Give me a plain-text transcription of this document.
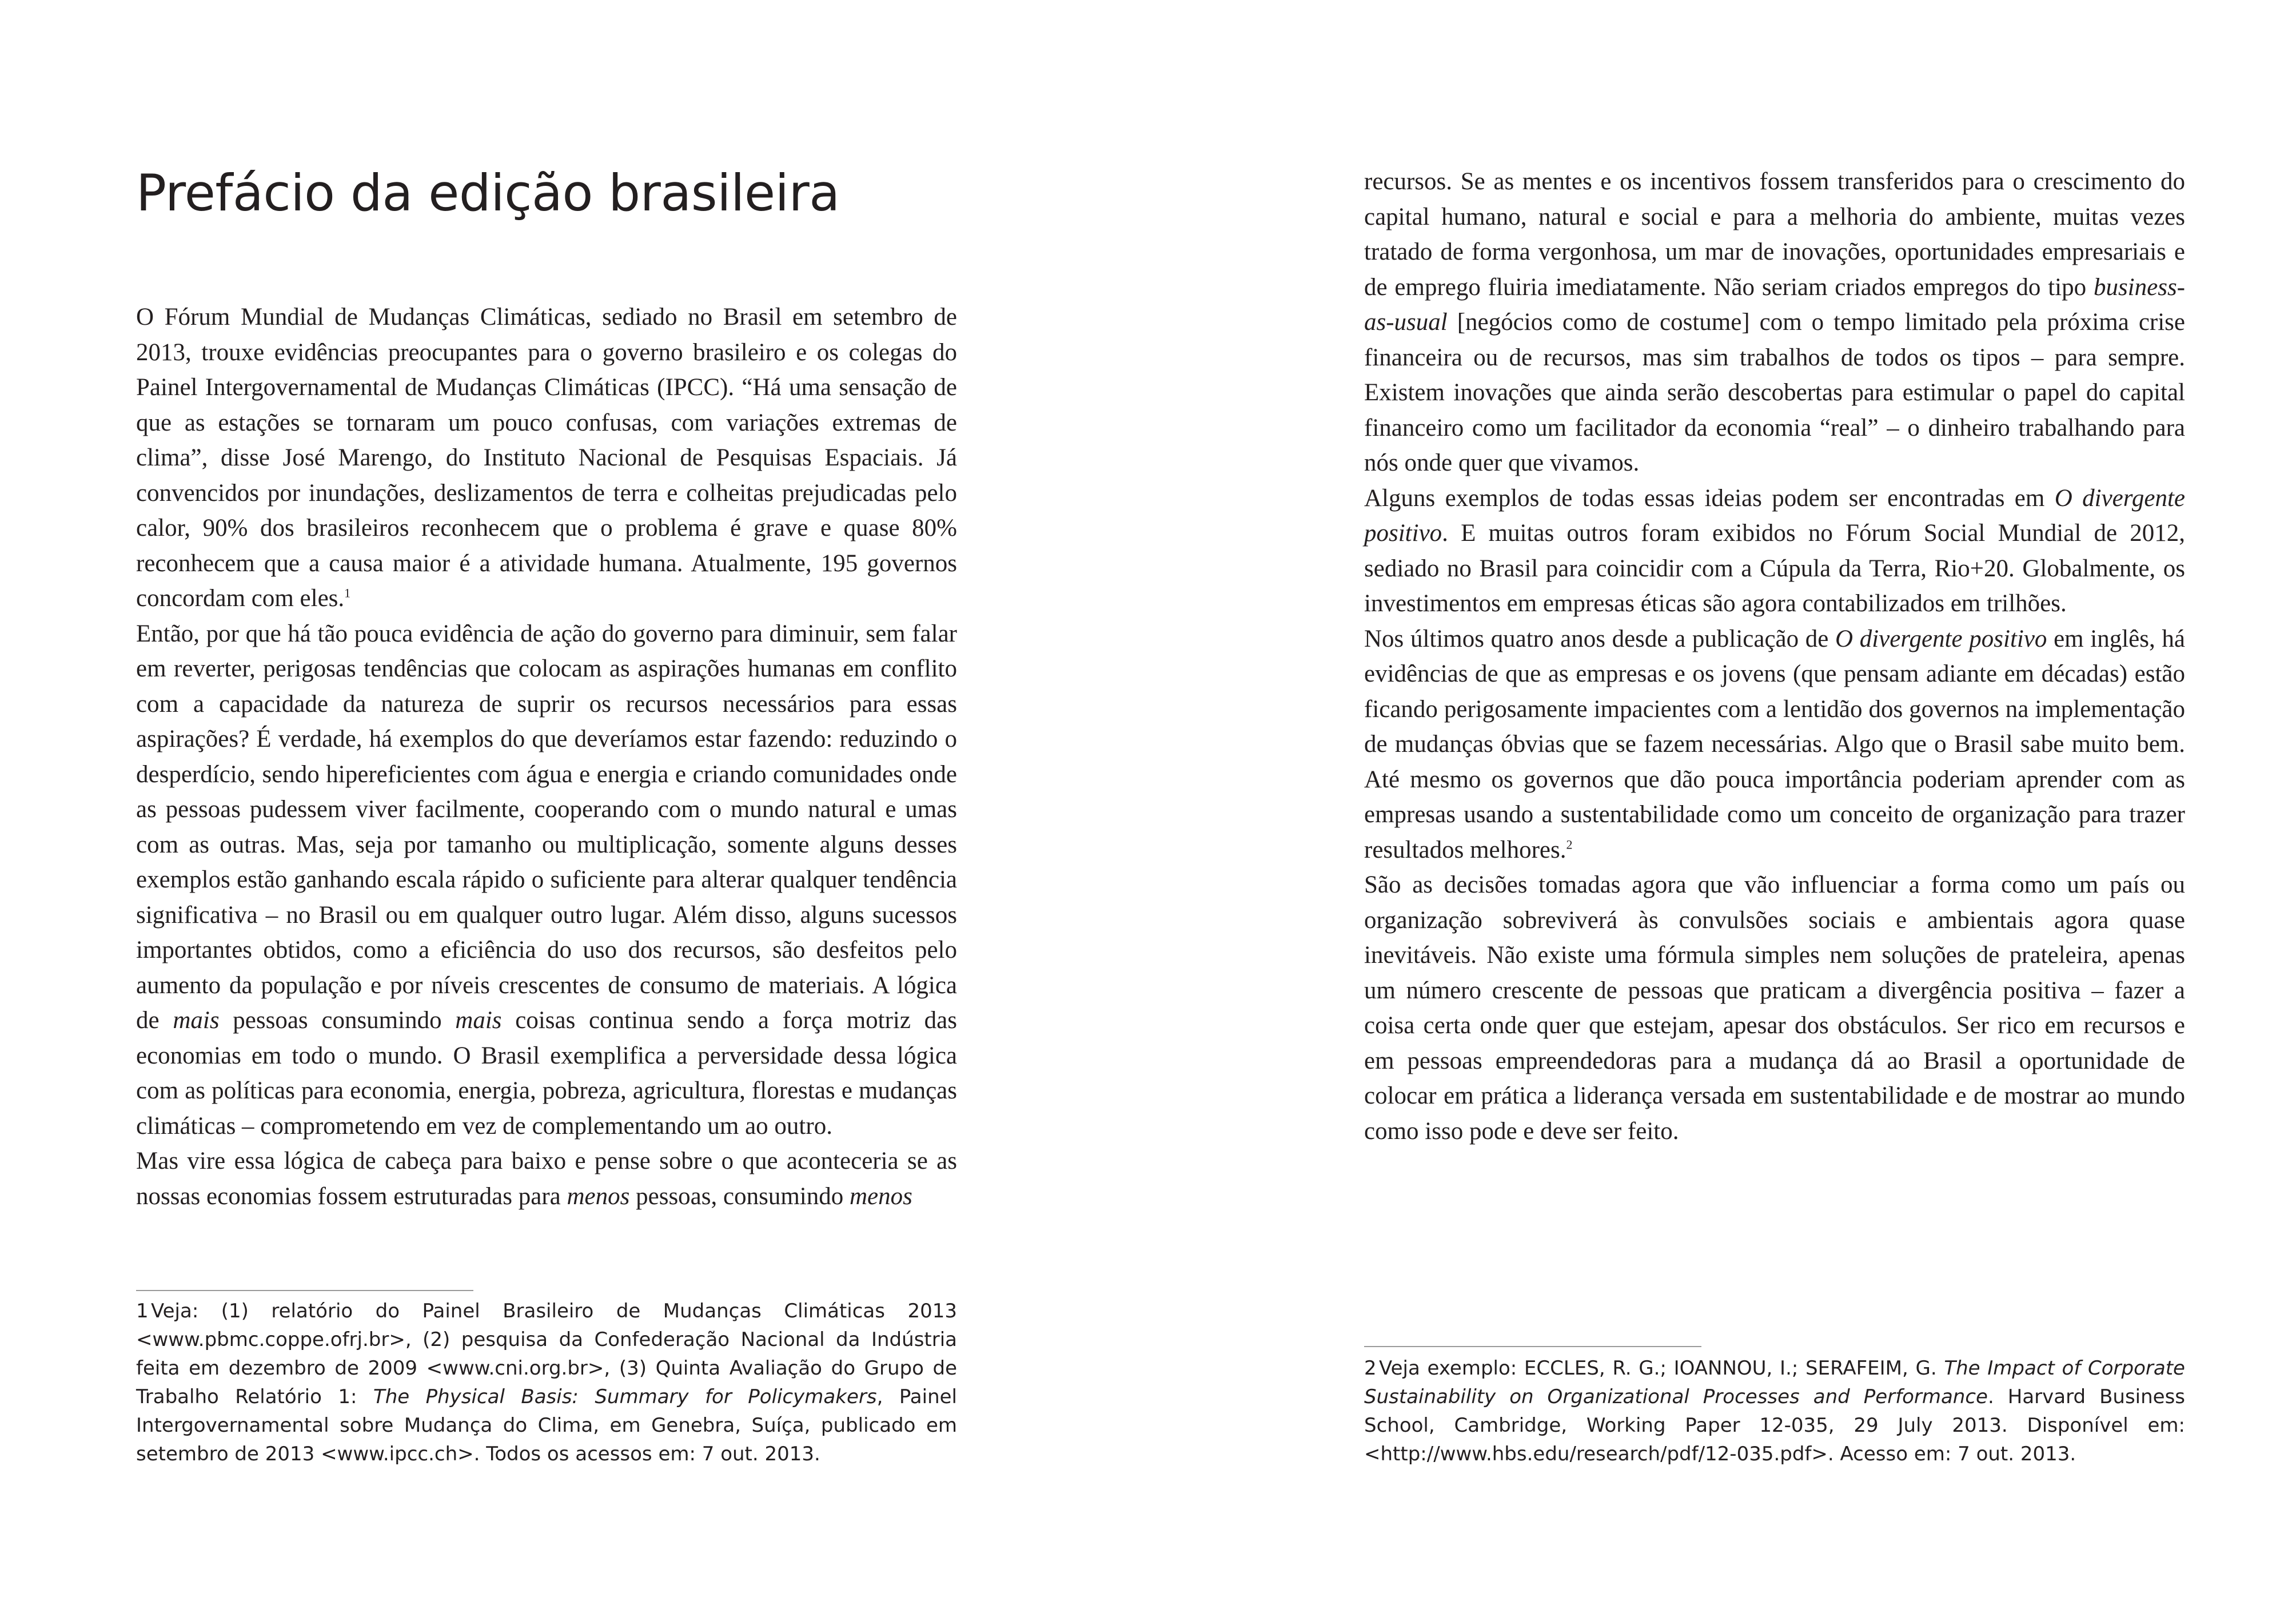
Prefácio da edição brasileira

O Fórum Mundial de Mudanças Climáticas, sediado no Brasil em setembro de 2013, trouxe evidências preocupantes para o governo brasileiro e os colegas do Painel Intergovernamental de Mudanças Climáticas (IPCC). “Há uma sensação de que as estações se tornaram um pouco confusas, com variações extremas de clima”, disse José Marengo, do Instituto Nacional de Pesquisas Espaciais. Já convencidos por inundações, deslizamentos de terra e colheitas prejudicadas pelo calor, 90% dos brasileiros reconhecem que o problema é grave e quase 80% reconhecem que a causa maior é a atividade humana. Atualmente, 195 governos concordam com eles.$^1$

Então, por que há tão pouca evidência de ação do governo para diminuir, sem falar em reverter, perigosas tendências que colocam as aspirações humanas em conflito com a capacidade da natureza de suprir os recursos necessários para essas aspirações? É verdade, há exemplos do que deveríamos estar fazendo: reduzindo o desperdício, sendo hipereficientes com água e energia e criando comunidades onde as pessoas pudessem viver facilmente, cooperando com o mundo natural e umas com as outras. Mas, seja por tamanho ou multiplicação, somente alguns desses exemplos estão ganhando escala rápido o suficiente para alterar qualquer tendência significativa – no Brasil ou em qualquer outro lugar. Além disso, alguns sucessos importantes obtidos, como a eficiência do uso dos recursos, são desfeitos pelo aumento da população e por níveis crescentes de consumo de materiais. A lógica de mais pessoas consumindo mais coisas continua sendo a força motriz das economias em todo o mundo. O Brasil exemplifica a perversidade dessa lógica com as políticas para economia, energia, pobreza, agricultura, florestas e mudanças climáticas – comprometendo em vez de complementando um ao outro.

Mas vire essa lógica de cabeça para baixo e pense sobre o que aconteceria se as nossas economias fossem estruturadas para menos pessoas, consumindo menos

1 Veja: (1) relatório do Painel Brasileiro de Mudanças Climáticas 2013 <www.pbmc.coppe.ofrj.br>, (2) pesquisa da Confederação Nacional da Indústria feita em dezembro de 2009 <www.cni.org.br>, (3) Quinta Avaliação do Grupo de Trabalho Relatório 1: The Physical Basis: Summary for Policymakers, Painel Intergovernamental sobre Mudança do Clima, em Genebra, Suíça, publicado em setembro de 2013 <www.ipcc.ch>. Todos os acessos em: 7 out. 2013.

recursos. Se as mentes e os incentivos fossem transferidos para o crescimento do capital humano, natural e social e para a melhoria do ambiente, muitas vezes tratado de forma vergonhosa, um mar de inovações, oportunidades empresariais e de emprego fluiria imediatamente. Não seriam criados empregos do tipo business-as-usual [negócios como de costume] com o tempo limitado pela próxima crise financeira ou de recursos, mas sim trabalhos de todos os tipos – para sempre. Existem inovações que ainda serão descobertas para estimular o papel do capital financeiro como um facilitador da economia “real” – o dinheiro trabalhando para nós onde quer que vivamos.

Alguns exemplos de todas essas ideias podem ser encontradas em O divergente positivo. E muitas outros foram exibidos no Fórum Social Mundial de 2012, sediado no Brasil para coincidir com a Cúpula da Terra, Rio+20. Globalmente, os investimentos em empresas éticas são agora contabilizados em trilhões.

Nos últimos quatro anos desde a publicação de O divergente positivo em inglês, há evidências de que as empresas e os jovens (que pensam adiante em décadas) estão ficando perigosamente impacientes com a lentidão dos governos na implementação de mudanças óbvias que se fazem necessárias. Algo que o Brasil sabe muito bem. Até mesmo os governos que dão pouca importância poderiam aprender com as empresas usando a sustentabilidade como um conceito de organização para trazer resultados melhores.$^2$

São as decisões tomadas agora que vão influenciar a forma como um país ou organização sobreviverá às convulsões sociais e ambientais agora quase inevitáveis. Não existe uma fórmula simples nem soluções de prateleira, apenas um número crescente de pessoas que praticam a divergência positiva – fazer a coisa certa onde quer que estejam, apesar dos obstáculos. Ser rico em recursos e em pessoas empreendedoras para a mudança dá ao Brasil a oportunidade de colocar em prática a liderança versada em sustentabilidade e de mostrar ao mundo como isso pode e deve ser feito.

2 Veja exemplo: ECCLES, R. G.; IOANNOU, I.; SERAFEIM, G. The Impact of Corporate Sustainability on Organizational Processes and Performance. Harvard Business School, Cambridge, Working Paper 12-035, 29 July 2013. Disponível em: <http://www.hbs.edu/research/pdf/12-035.pdf>. Acesso em: 7 out. 2013.
